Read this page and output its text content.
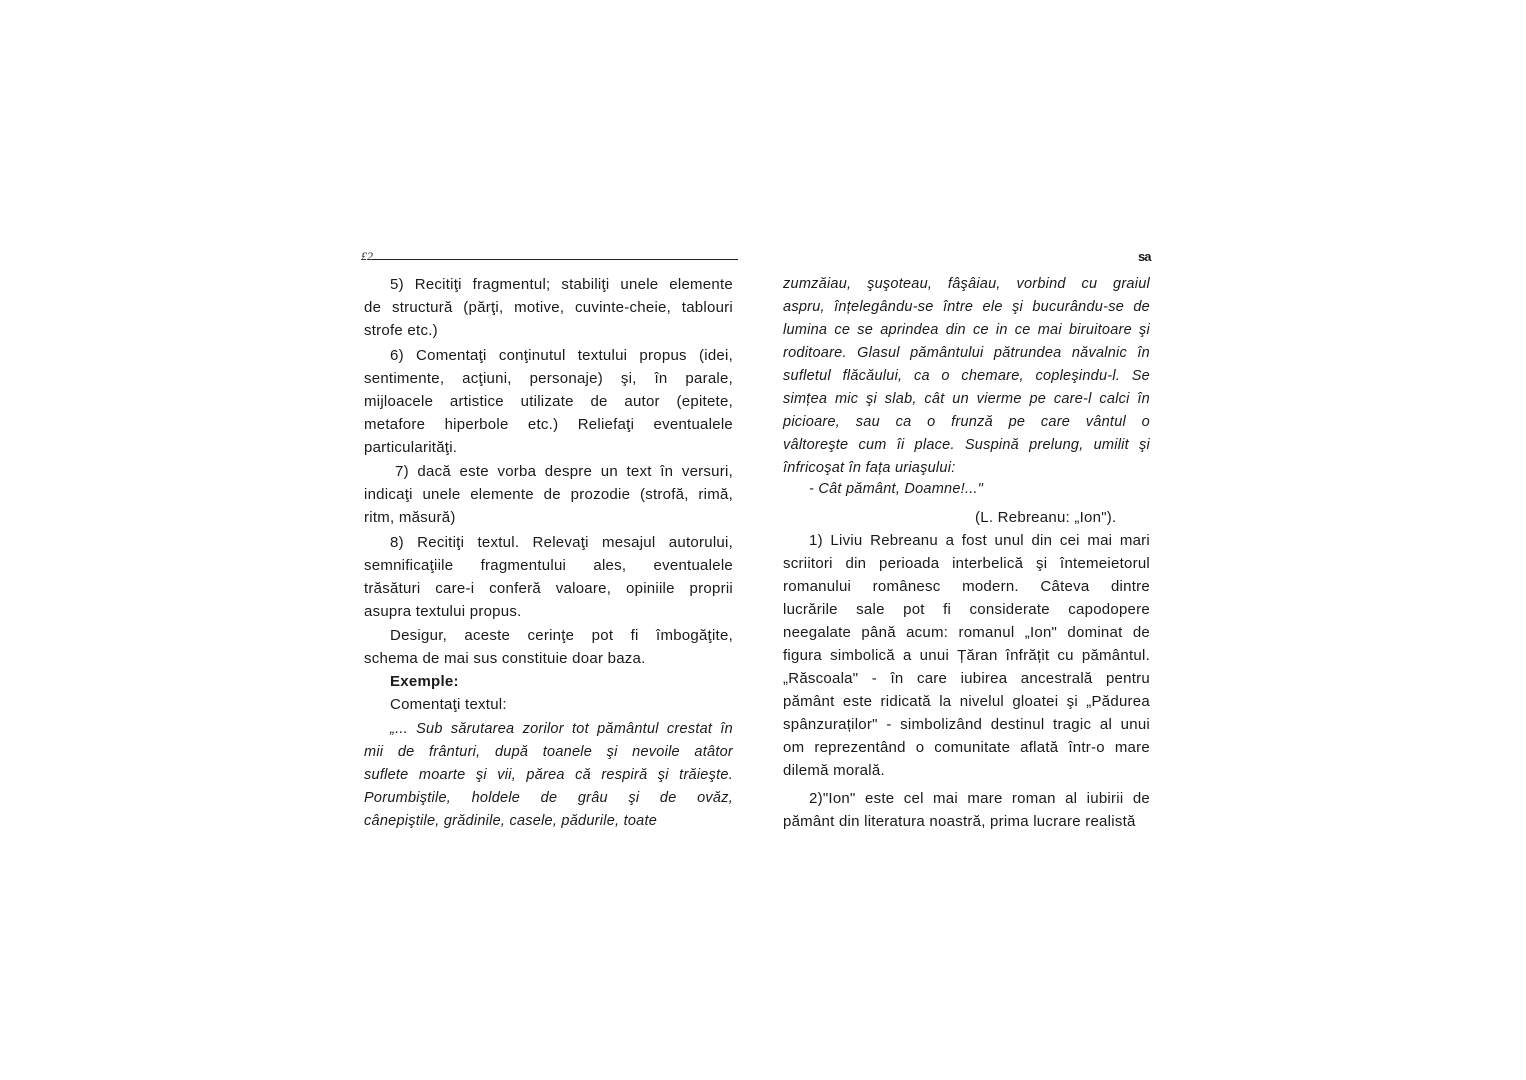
£2	sa
5) Recitiţi fragmentul; stabiliţi unele elemente
de structură (părţi, motive, cuvinte-cheie, tablouri
strofe etc.)
6) Comentaţi conţinutul textului propus (idei,
sentimente, acţiuni, personaje) şi, în parale,
mijloacele artistice utilizate de autor (epitete,
metafore hiperbole etc.) Reliefaţi eventualele
particularităţi.
7) dacă este vorba despre un text în versuri,
indicaţi unele elemente de prozodie (strofă, rimă,
ritm, măsură)
8) Recitiţi textul. Relevaţi mesajul autorului,
semnificaţiile fragmentului ales, eventualele
trăsături care-i conferă valoare, opiniile proprii
asupra textului propus.
Desigur, aceste cerinţe pot fi îmbogăţite,
schema de mai sus constituie doar baza.
Exemple:
Comentaţi textul:
„... Sub sărutarea zorilor tot pământul crestat în
mii de frânturi, după toanele şi nevoile atâtor
suflete moarte şi vii, părea că respiră şi trăieşte.
Porumbiştile, holdele de grâu şi de ovăz,
cânepiştile, grădinile, casele, pădurile, toate
zumzăiau, şuşoteau, fâşâiau, vorbind cu graiul
aspru, înțelegându-se între ele şi bucurându-se de
lumina ce se aprindea din ce in ce mai biruitoare şi
roditoare. Glasul pământului pătrundea năvalnic în
sufletul flăcăului, ca o chemare, copleşindu-l. Se
simțea mic şi slab, cât un vierme pe care-l calci în
picioare, sau ca o frunză pe care vântul o
vâltoreşte cum îi place. Suspină prelung, umilit şi
înfricoşat în fața uriaşului:
- Cât pământ, Doamne!..."
(L. Rebreanu: „Ion").
1) Liviu Rebreanu a fost unul din cei mai mari
scriitori din perioada interbelică şi întemeietorul
romanului românesc modern. Câteva dintre
lucrările sale pot fi considerate capodopere
neegalate până acum: romanul „Ion" dominat de
figura simbolică a unui Țăran înfrățit cu pământul.
„Răscoala" - în care iubirea ancestrală pentru
pământ este ridicată la nivelul gloatei şi „Pădurea
spânzuraților" - simbolizând destinul tragic al unui
om reprezentând o comunitate aflată într-o mare
dilemă morală.
2)"Ion" este cel mai mare roman al iubirii de
pământ din literatura noastră, prima lucrare realistă
